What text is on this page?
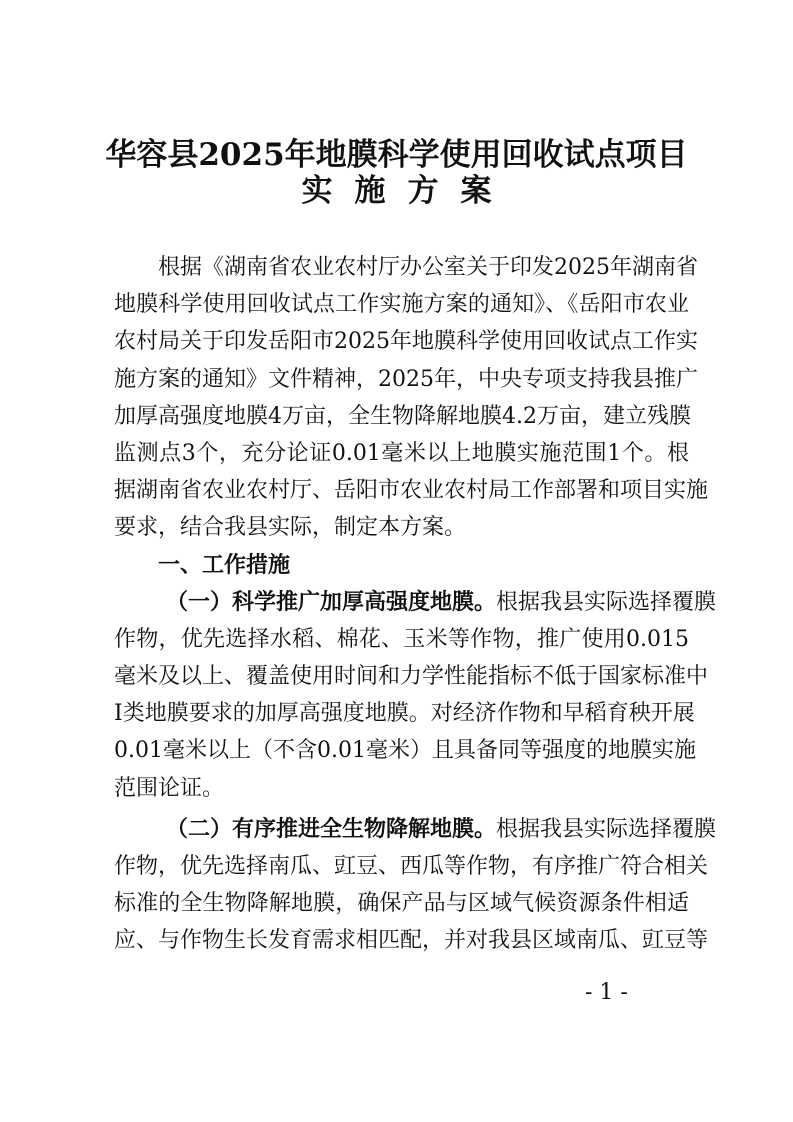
华容县2025年地膜科学使用回收试点项目
实施方案
根据《湖南省农业农村厅办公室关于印发2025年湖南省
地膜科学使用回收试点工作实施方案的通知》、《岳阳市农业
农村局关于印发岳阳市2025年地膜科学使用回收试点工作实
施方案的通知》文件精神，2025年，中央专项支持我县推广
加厚高强度地膜4万亩，全生物降解地膜4.2万亩，建立残膜
监测点3个，充分论证0.01毫米以上地膜实施范围1个。根
据湖南省农业农村厅、岳阳市农业农村局工作部署和项目实施
要求，结合我县实际，制定本方案。
一、工作措施
（一）科学推广加厚高强度地膜。根据我县实际选择覆膜
作物，优先选择水稻、棉花、玉米等作物，推广使用0.015
毫米及以上、覆盖使用时间和力学性能指标不低于国家标准中
I类地膜要求的加厚高强度地膜。对经济作物和早稻育秧开展
0.01毫米以上（不含0.01毫米）且具备同等强度的地膜实施
范围论证。
（二）有序推进全生物降解地膜。根据我县实际选择覆膜
作物，优先选择南瓜、豇豆、西瓜等作物，有序推广符合相关
标准的全生物降解地膜，确保产品与区域气候资源条件相适
应、与作物生长发育需求相匹配，并对我县区域南瓜、豇豆等
- 1 -
